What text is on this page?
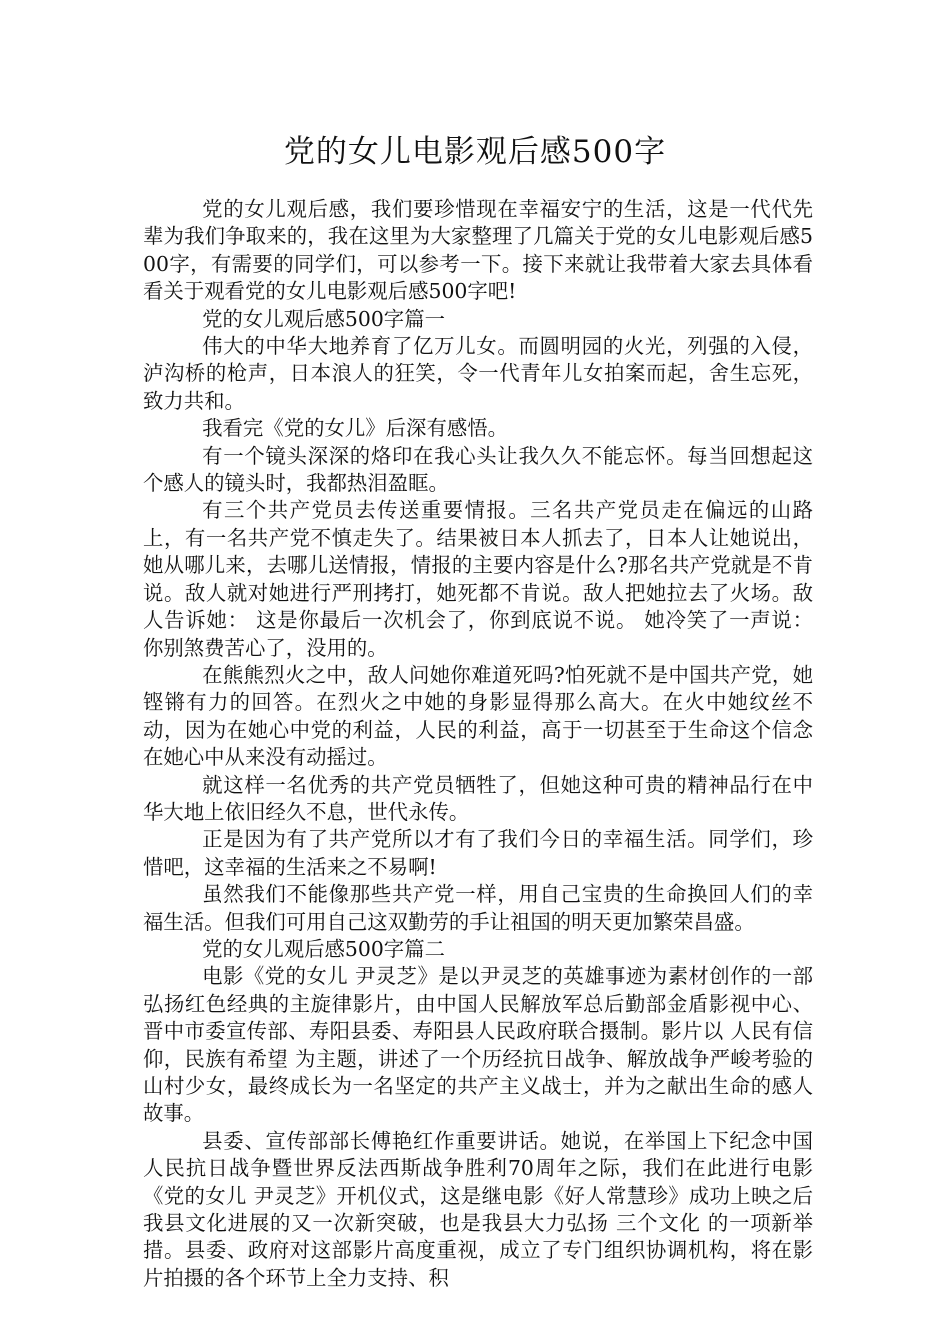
党的女儿电影观后感500字

党的女儿观后感，我们要珍惜现在幸福安宁的生活，这是一代代先辈为我们争取来的，我在这里为大家整理了几篇关于党的女儿电影观后感500字，有需要的同学们，可以参考一下。接下来就让我带着大家去具体看看关于观看党的女儿电影观后感500字吧!

党的女儿观后感500字篇一

伟大的中华大地养育了亿万儿女。而圆明园的火光，列强的入侵，泸沟桥的枪声，日本浪人的狂笑，令一代青年儿女拍案而起，舍生忘死，致力共和。

我看完《党的女儿》后深有感悟。

有一个镜头深深的烙印在我心头让我久久不能忘怀。每当回想起这个感人的镜头时，我都热泪盈眶。

有三个共产党员去传送重要情报。三名共产党员走在偏远的山路上，有一名共产党不慎走失了。结果被日本人抓去了，日本人让她说出，她从哪儿来，去哪儿送情报，情报的主要内容是什么?那名共产党就是不肯说。敌人就对她进行严刑拷打，她死都不肯说。敌人把她拉去了火场。敌人告诉她： 这是你最后一次机会了，你到底说不说。 她冷笑了一声说： 你别煞费苦心了，没用的。

在熊熊烈火之中，敌人问她你难道死吗?怕死就不是中国共产党，她铿锵有力的回答。在烈火之中她的身影显得那么高大。在火中她纹丝不动，因为在她心中党的利益，人民的利益，高于一切甚至于生命这个信念在她心中从来没有动摇过。

就这样一名优秀的共产党员牺牲了，但她这种可贵的精神品行在中华大地上依旧经久不息，世代永传。

正是因为有了共产党所以才有了我们今日的幸福生活。同学们，珍惜吧，这幸福的生活来之不易啊!

虽然我们不能像那些共产党一样，用自己宝贵的生命换回人们的幸福生活。但我们可用自己这双勤劳的手让祖国的明天更加繁荣昌盛。

党的女儿观后感500字篇二

电影《党的女儿 尹灵芝》是以尹灵芝的英雄事迹为素材创作的一部弘扬红色经典的主旋律影片，由中国人民解放军总后勤部金盾影视中心、晋中市委宣传部、寿阳县委、寿阳县人民政府联合摄制。影片以 人民有信仰，民族有希望 为主题，讲述了一个历经抗日战争、解放战争严峻考验的山村少女，最终成长为一名坚定的共产主义战士，并为之献出生命的感人故事。

县委、宣传部部长傅艳红作重要讲话。她说，在举国上下纪念中国人民抗日战争暨世界反法西斯战争胜利70周年之际，我们在此进行电影《党的女儿 尹灵芝》开机仪式，这是继电影《好人常慧珍》成功上映之后我县文化进展的又一次新突破，也是我县大力弘扬 三个文化 的一项新举措。县委、政府对这部影片高度重视，成立了专门组织协调机构，将在影片拍摄的各个环节上全力支持、积
